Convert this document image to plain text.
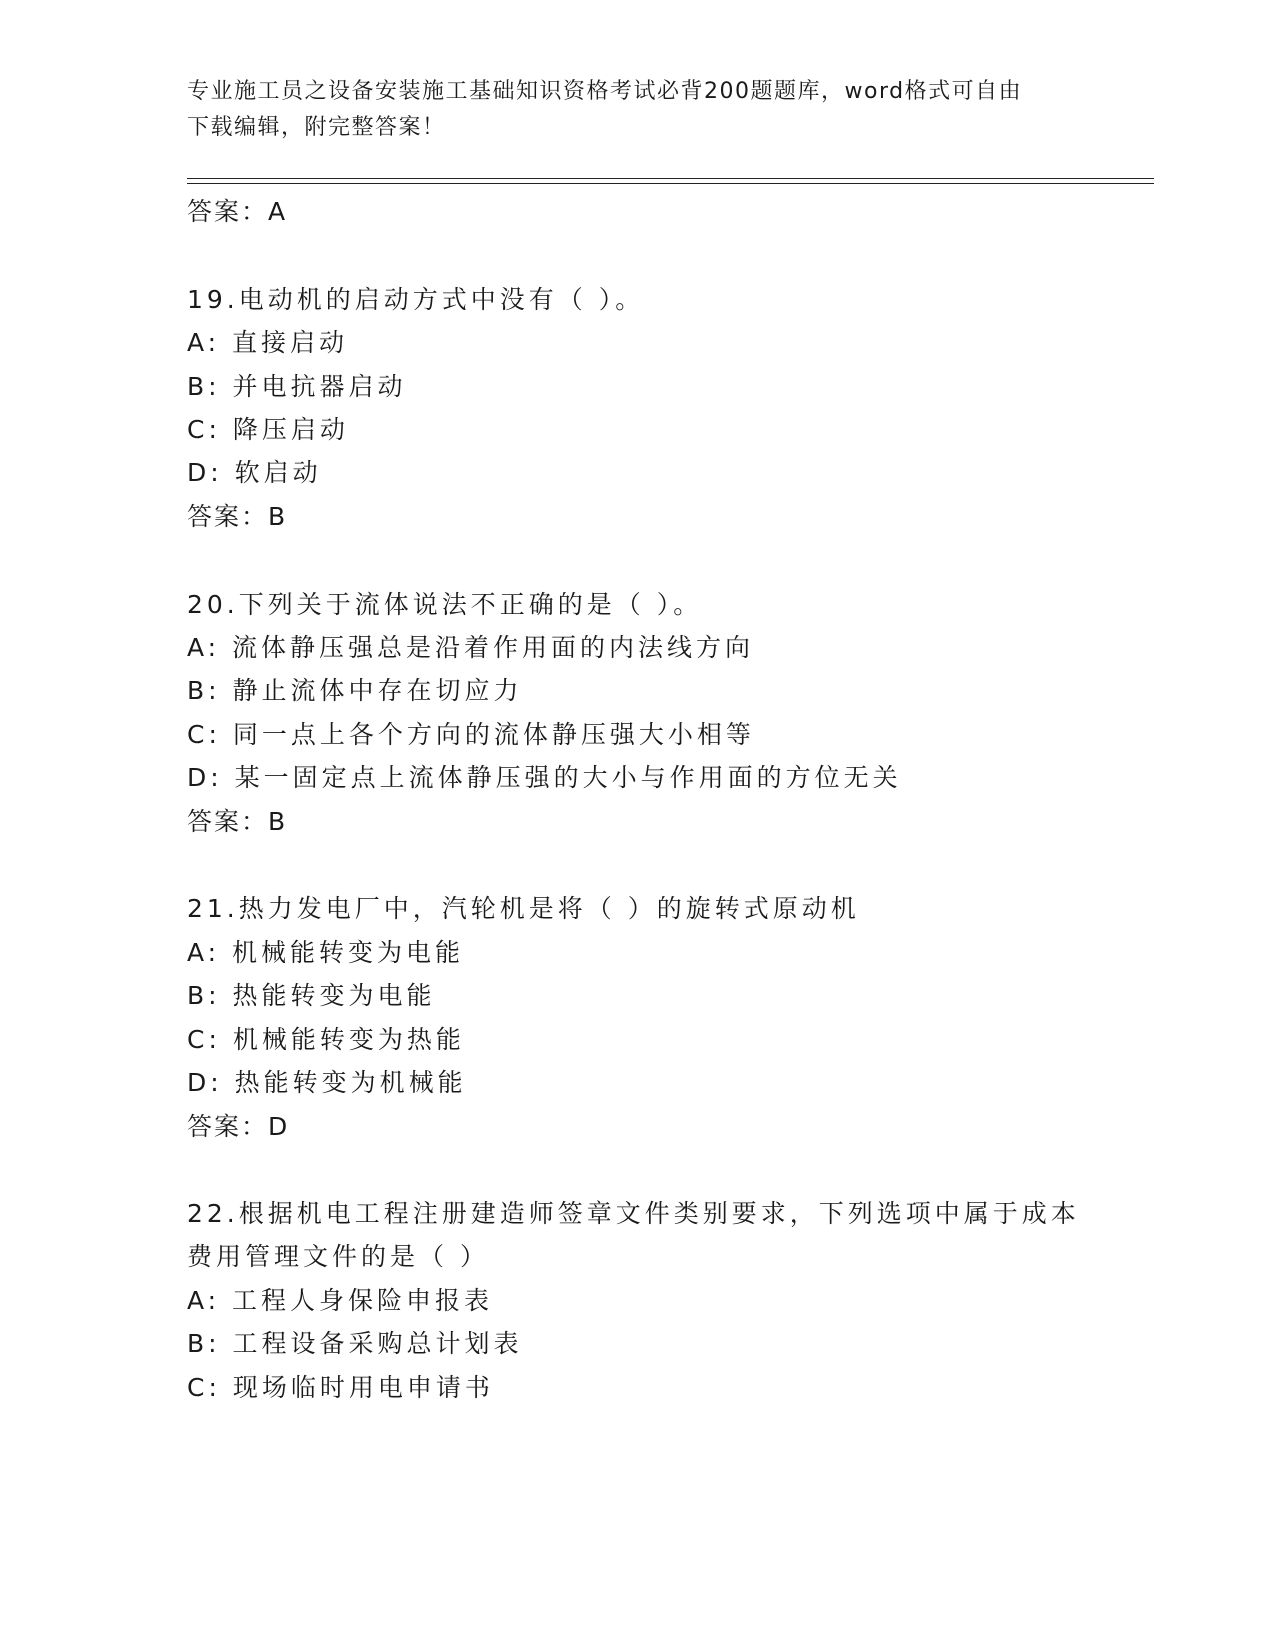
专业施工员之设备安装施工基础知识资格考试必背200题题库，word格式可自由
下载编辑，附完整答案！
答案：A
19.电动机的启动方式中没有（ ）。
A: 直接启动
B: 并电抗器启动
C: 降压启动
D: 软启动
答案：B
20.下列关于流体说法不正确的是（ ）。
A: 流体静压强总是沿着作用面的内法线方向
B: 静止流体中存在切应力
C: 同一点上各个方向的流体静压强大小相等
D: 某一固定点上流体静压强的大小与作用面的方位无关
答案：B
21.热力发电厂中，汽轮机是将（ ）的旋转式原动机
A: 机械能转变为电能
B: 热能转变为电能
C: 机械能转变为热能
D: 热能转变为机械能
答案：D
22.根据机电工程注册建造师签章文件类别要求，下列选项中属于成本
费用管理文件的是（ ）
A: 工程人身保险申报表
B: 工程设备采购总计划表
C: 现场临时用电申请书
